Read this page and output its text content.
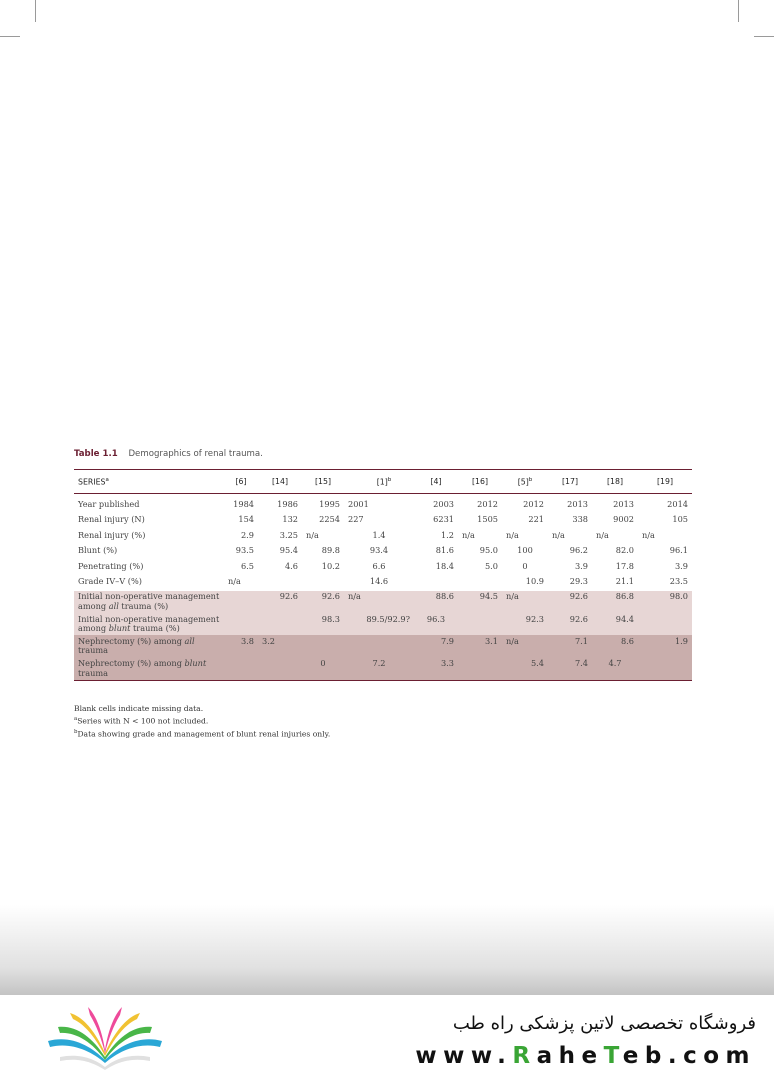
Table 1.1 Demographics of renal trauma.

SERIES$^a$	[6]	[14]	[15]	$[1]^b$	[4]	[16]	$[5]^b$	[17]	[18]	[19]
Year published	1984	1986	1995	2001	2003	2012	2012	2013	2013	2014
Renal injury (N)	154	132	2254	227	6231	1505	221	338	9002	105
Renal injury (%)	2.9	3.25	n/a	1.4	1.2	n/a	n/a	n/a	n/a	n/a
Blunt (%)	93.5	95.4	89.8	93.4	81.6	95.0	100	96.2	82.0	96.1
Penetrating (%)	6.5	4.6	10.2	6.6	18.4	5.0	0	3.9	17.8	3.9
Grade IV–V (%)	n/a			14.6			10.9	29.3	21.1	23.5
Initial non-operative management among all trauma (%)		92.6	92.6	n/a	88.6	94.5	n/a	92.6	86.8	98.0
Initial non-operative management among blunt trauma (%)			98.3	89.5/92.9?	96.3		92.3	92.6	94.4	
Nephrectomy (%) among all trauma	3.8	3.2			7.9	3.1	n/a	7.1	8.6	1.9
Nephrectomy (%) among blunt trauma			0	7.2	3.3		5.4	7.4	4.7	
Blank cells indicate missing data.
$^a$Series with N < 100 not included.
$^b$Data showing grade and management of blunt renal injuries only.
فروشگاه تخصصی لاتین پزشکی راه طب
www.RaheTeb.com
